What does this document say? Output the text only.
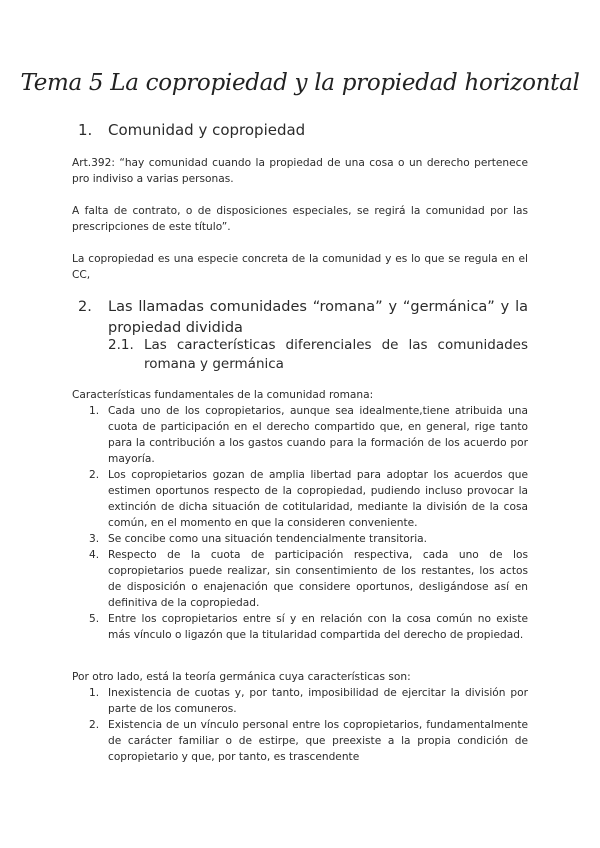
Tema 5 La copropiedad y la propiedad horizontal
1. Comunidad y copropiedad
Art.392: “hay comunidad cuando la propiedad de una cosa o un derecho pertenece pro indiviso a varias personas.
A falta de contrato, o de disposiciones especiales, se regirá la comunidad por las prescripciones de este título”.
La copropiedad es una especie concreta de la comunidad y es lo que se regula en el CC,
2. Las llamadas comunidades “romana” y “germánica” y la propiedad dividida
2.1. Las características diferenciales de las comunidades romana y germánica
Características fundamentales de la comunidad romana:
1. Cada uno de los copropietarios, aunque sea idealmente,tiene atribuida una cuota de participación en el derecho compartido que, en general, rige tanto para la contribución a los gastos cuando para la formación de los acuerdo por mayoría.
2. Los copropietarios gozan de amplia libertad para adoptar los acuerdos que estimen oportunos respecto de la copropiedad, pudiendo incluso provocar la extinción de dicha situación de cotitularidad, mediante la división de la cosa común, en el momento en que la consideren conveniente.
3. Se concibe como una situación tendencialmente transitoria.
4. Respecto de la cuota de participación respectiva, cada uno de los copropietarios puede realizar, sin consentimiento de los restantes, los actos de disposición o enajenación que considere oportunos, desligándose así en definitiva de la copropiedad.
5. Entre los copropietarios entre sí y en relación con la cosa común no existe más vínculo o ligazón que la titularidad compartida del derecho de propiedad.
Por otro lado, está la teoría germánica cuya características son:
1. Inexistencia de cuotas y, por tanto, imposibilidad de ejercitar la división por parte de los comuneros.
2. Existencia de un vínculo personal entre los copropietarios, fundamentalmente de carácter familiar o de estirpe, que preexiste a la propia condición de copropietario y que, por tanto, es trascendente
